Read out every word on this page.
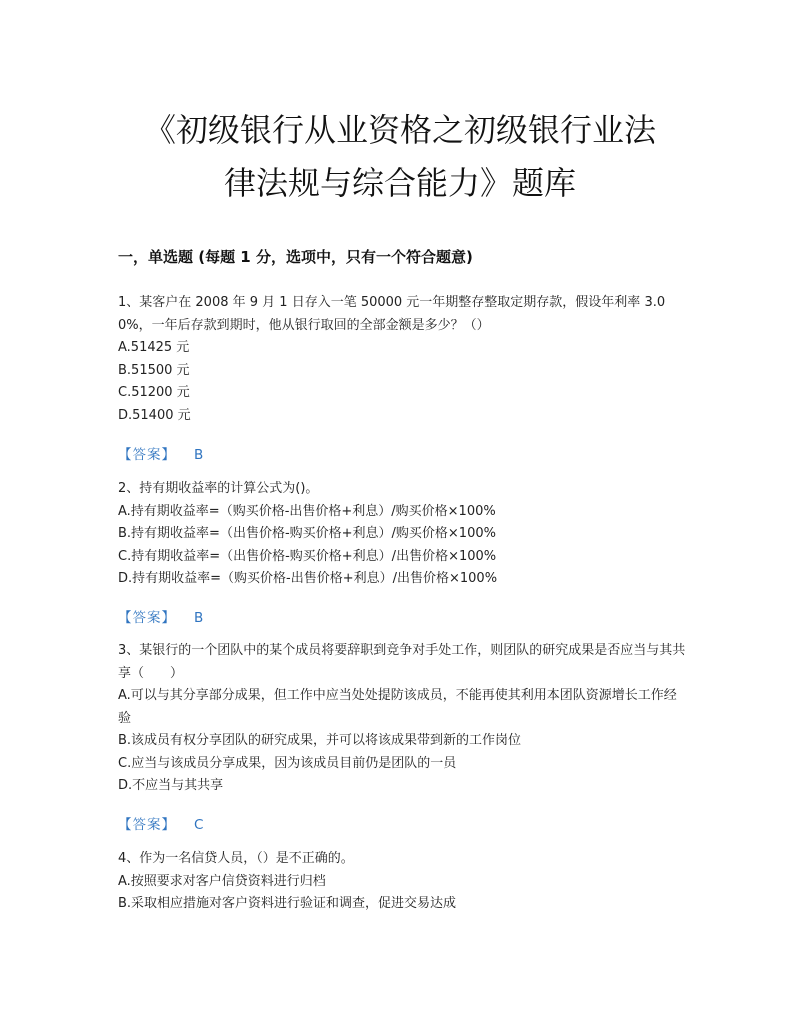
《初级银行从业资格之初级银行业法
律法规与综合能力》题库
一，单选题 (每题 1 分，选项中，只有一个符合题意)

1、某客户在 2008 年 9 月 1 日存入一笔 50000 元一年期整存整取定期存款，假设年利率 3.00%，一年后存款到期时，他从银行取回的全部金额是多少？（）

A.51425 元

B.51500 元

C.51200 元

D.51400 元

【答案】 B

2、持有期收益率的计算公式为()。

A.持有期收益率=（购买价格-出售价格+利息）/购买价格×100%

B.持有期收益率=（出售价格-购买价格+利息）/购买价格×100%

C.持有期收益率=（出售价格-购买价格+利息）/出售价格×100%

D.持有期收益率=（购买价格-出售价格+利息）/出售价格×100%

【答案】 B

3、某银行的一个团队中的某个成员将要辞职到竞争对手处工作，则团队的研究成果是否应当与其共享（　　）

A.可以与其分享部分成果，但工作中应当处处提防该成员，不能再使其利用本团队资源增长工作经验

B.该成员有权分享团队的研究成果，并可以将该成果带到新的工作岗位

C.应当与该成员分享成果，因为该成员目前仍是团队的一员

D.不应当与其共享

【答案】 C

4、作为一名信贷人员，（）是不正确的。

A.按照要求对客户信贷资料进行归档

B.采取相应措施对客户资料进行验证和调查，促进交易达成
